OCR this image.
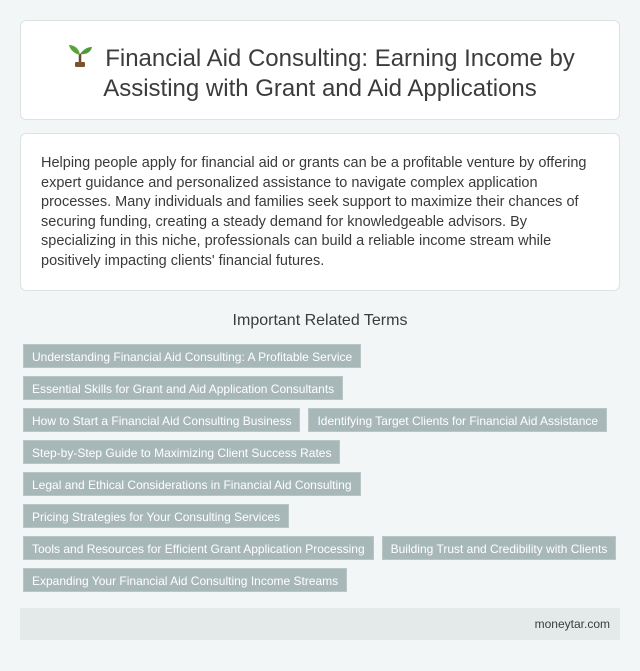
Financial Aid Consulting: Earning Income by Assisting with Grant and Aid Applications

Helping people apply for financial aid or grants can be a profitable venture by offering expert guidance and personalized assistance to navigate complex application processes. Many individuals and families seek support to maximize their chances of securing funding, creating a steady demand for knowledgeable advisors. By specializing in this niche, professionals can build a reliable income stream while positively impacting clients' financial futures.

Important Related Terms
Understanding Financial Aid Consulting: A Profitable Service
Essential Skills for Grant and Aid Application Consultants
How to Start a Financial Aid Consulting Business	Identifying Target Clients for Financial Aid Assistance
Step-by-Step Guide to Maximizing Client Success Rates
Legal and Ethical Considerations in Financial Aid Consulting
Pricing Strategies for Your Consulting Services
Tools and Resources for Efficient Grant Application Processing	Building Trust and Credibility with Clients
Expanding Your Financial Aid Consulting Income Streams
moneytar.com
